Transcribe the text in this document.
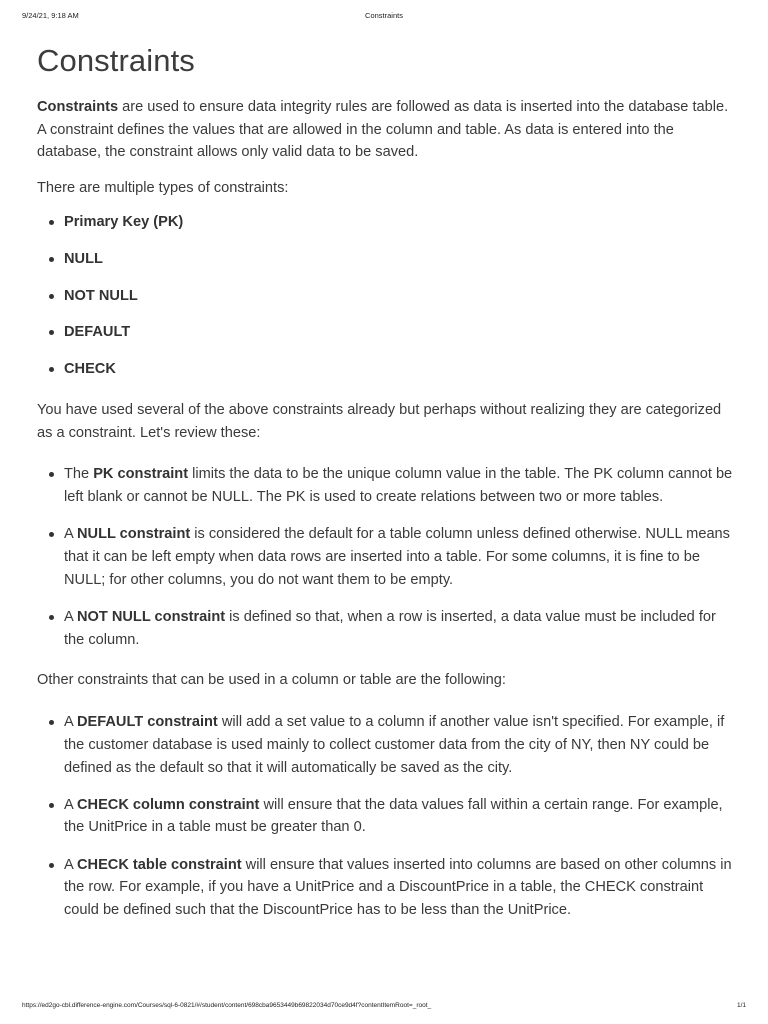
9/24/21, 9:18 AM	Constraints
Constraints

Constraints are used to ensure data integrity rules are followed as data is inserted into the database table. A constraint defines the values that are allowed in the column and table. As data is entered into the database, the constraint allows only valid data to be saved.

There are multiple types of constraints:

Primary Key (PK)
NULL
NOT NULL
DEFAULT
CHECK

You have used several of the above constraints already but perhaps without realizing they are categorized as a constraint. Let's review these:

The PK constraint limits the data to be the unique column value in the table. The PK column cannot be left blank or cannot be NULL. The PK is used to create relations between two or more tables.
A NULL constraint is considered the default for a table column unless defined otherwise. NULL means that it can be left empty when data rows are inserted into a table. For some columns, it is fine to be NULL; for other columns, you do not want them to be empty.
A NOT NULL constraint is defined so that, when a row is inserted, a data value must be included for the column.

Other constraints that can be used in a column or table are the following:

A DEFAULT constraint will add a set value to a column if another value isn't specified. For example, if the customer database is used mainly to collect customer data from the city of NY, then NY could be defined as the default so that it will automatically be saved as the city.
A CHECK column constraint will ensure that the data values fall within a certain range. For example, the UnitPrice in a table must be greater than 0.
A CHECK table constraint will ensure that values inserted into columns are based on other columns in the row. For example, if you have a UnitPrice and a DiscountPrice in a table, the CHECK constraint could be defined such that the DiscountPrice has to be less than the UnitPrice.
https://ed2go-cbl.difference-engine.com/Courses/sql-6-0821/#/student/content/698cba9653449b69822034d70ce9d4f?contentItemRoot=_root_	1/1
